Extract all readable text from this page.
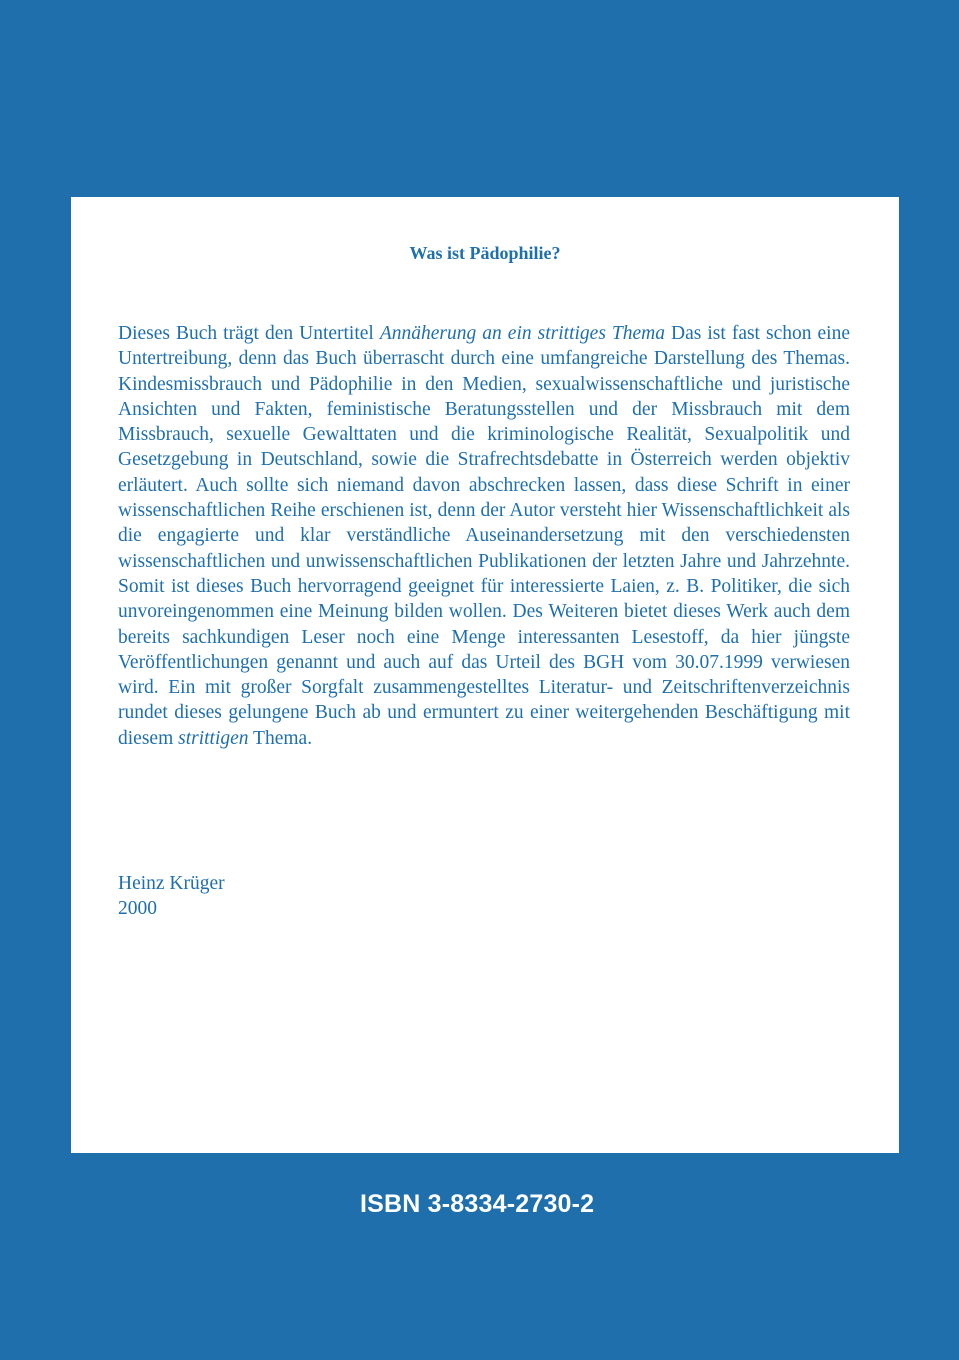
Was ist Pädophilie?

Dieses Buch trägt den Untertitel Annäherung an ein strittiges Thema Das ist fast schon eine Untertreibung, denn das Buch überrascht durch eine umfangreiche Darstellung des Themas. Kindesmissbrauch und Pädophilie in den Medien, sexualwissenschaftliche und juristische Ansichten und Fakten, feministische Beratungsstellen und der Missbrauch mit dem Missbrauch, sexuelle Gewalttaten und die kriminologische Realität, Sexualpolitik und Gesetzgebung in Deutschland, sowie die Strafrechtsdebatte in Österreich werden objektiv erläutert. Auch sollte sich niemand davon abschrecken lassen, dass diese Schrift in einer wissenschaftlichen Reihe erschienen ist, denn der Autor versteht hier Wissenschaftlichkeit als die engagierte und klar verständliche Auseinandersetzung mit den verschiedensten wissenschaftlichen und unwissenschaftlichen Publikationen der letzten Jahre und Jahrzehnte. Somit ist dieses Buch hervorragend geeignet für interessierte Laien, z. B. Politiker, die sich unvoreingenommen eine Meinung bilden wollen. Des Weiteren bietet dieses Werk auch dem bereits sachkundigen Leser noch eine Menge interessanten Lesestoff, da hier jüngste Veröffentlichungen genannt und auch auf das Urteil des BGH vom 30.07.1999 verwiesen wird. Ein mit großer Sorgfalt zusammengestelltes Literatur- und Zeitschriftenverzeichnis rundet dieses gelungene Buch ab und ermuntert zu einer weitergehenden Beschäftigung mit diesem strittigen Thema.

Heinz Krüger
2000
ISBN 3-8334-2730-2
